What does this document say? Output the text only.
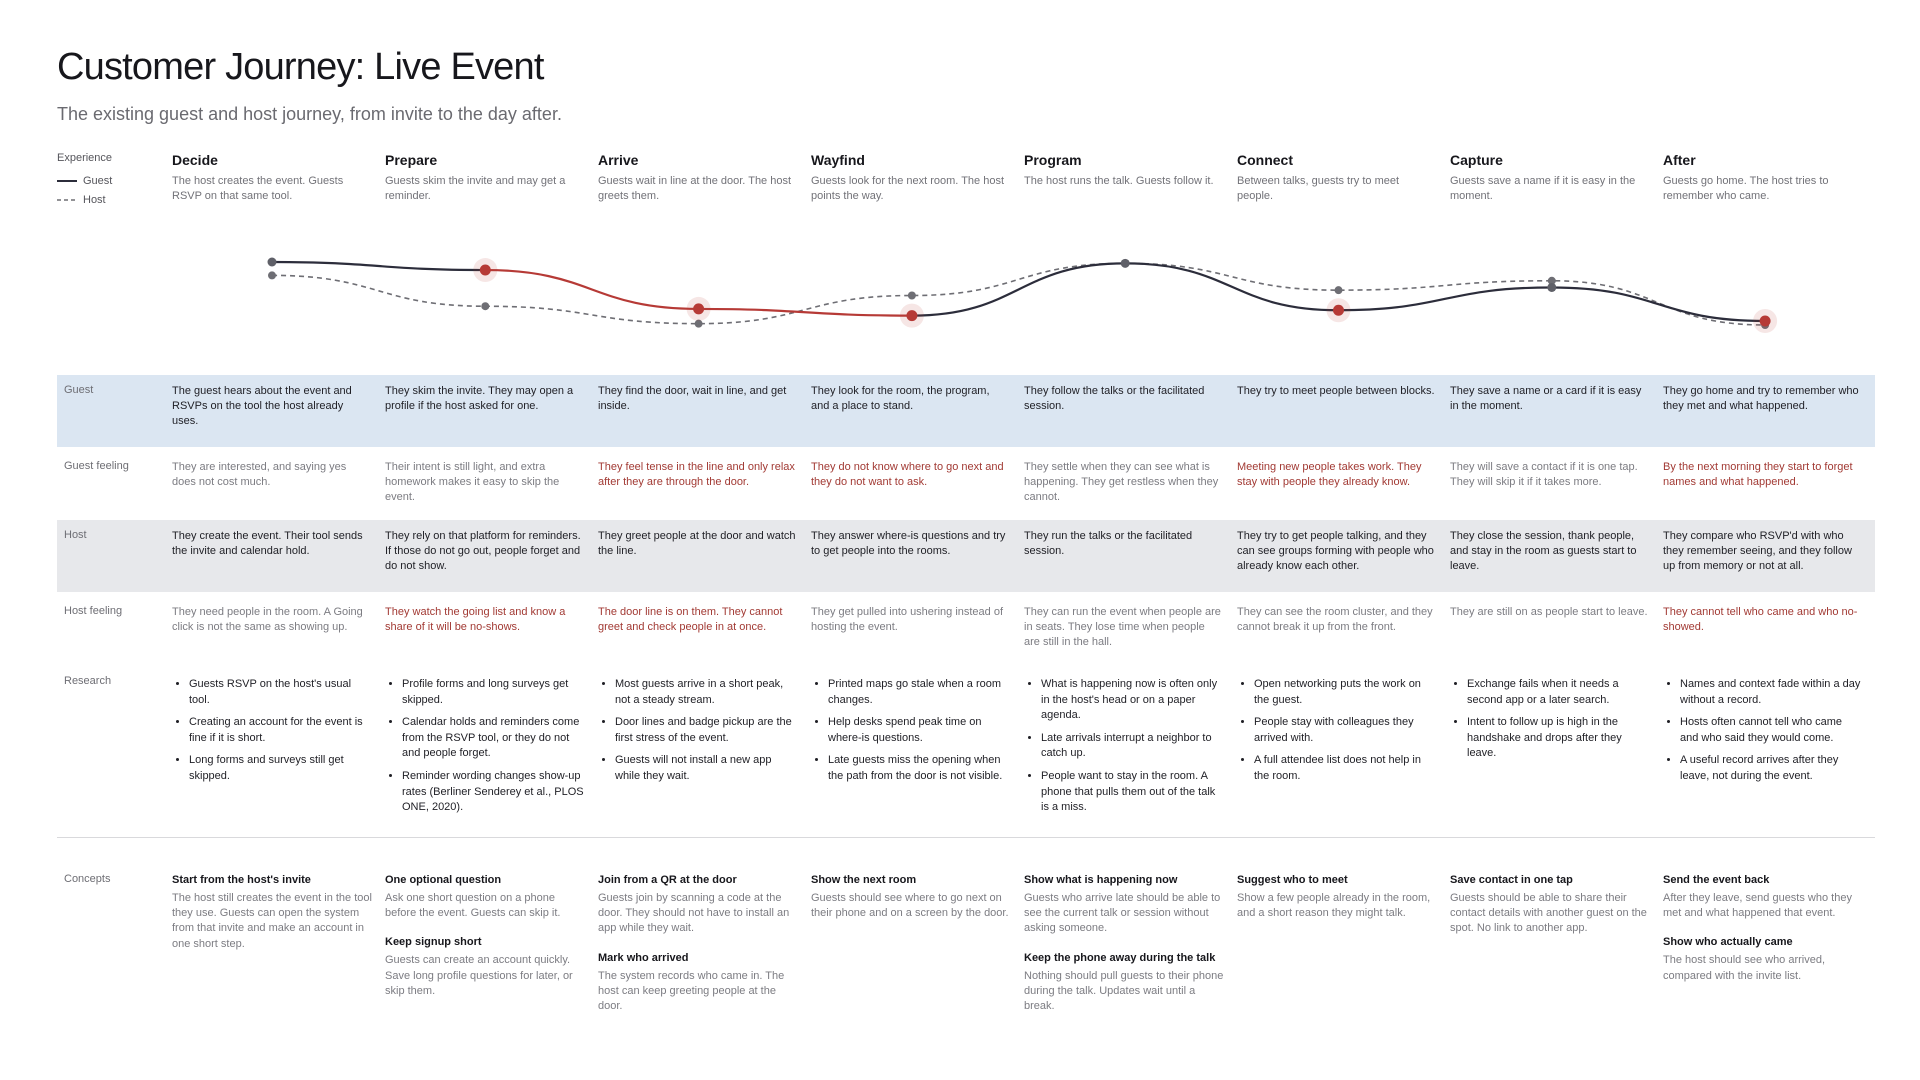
Customer Journey: Live Event

The existing guest and host journey, from invite to the day after.

Experience
Guest
Host
Decide
The host creates the event. Guests RSVP on that same tool.
Prepare
Guests skim the invite and may get a reminder.
Arrive
Guests wait in line at the door. The host greets them.
Wayfind
Guests look for the next room. The host points the way.
Program
The host runs the talk. Guests follow it.
Connect
Between talks, guests try to meet people.
Capture
Guests save a name if it is easy in the moment.
After
Guests go home. The host tries to remember who came.
Guest
Guest feeling
Host
Host feeling
Research
Concepts
The guest hears about the event and RSVPs on the tool the host already uses.
They skim the invite. They may open a profile if the host asked for one.
They find the door, wait in line, and get inside.
They look for the room, the program, and a place to stand.
They follow the talks or the facilitated session.
They try to meet people between blocks. They save a name or a card if it is easy in the moment.
They go home and try to remember who they met and what happened.
They are interested, and saying yes does not cost much.
Their intent is still light, and extra homework makes it easy to skip the event.
They feel tense in the line and only relax after they are through the door.
They do not know where to go next and they do not want to ask.
They settle when they can see what is happening. They get restless when they cannot.
Meeting new people takes work. They stay with people they already know.
They will save a contact if it is one tap. They will skip it if it takes more.
By the next morning they start to forget names and what happened.
They create the event. Their tool sends the invite and calendar hold.
They rely on that platform for reminders. If those do not go out, people forget and do not show.
They greet people at the door and watch the line.
They answer where-is questions and try to get people into the rooms.
They run the talks or the facilitated session.
They try to get people talking, and they can see groups forming with people who already know each other.
They close the session, thank people, and stay in the room as guests start to leave.
They compare who RSVP'd with who they remember seeing, and they follow up from memory or not at all.
They need people in the room. A Going click is not the same as showing up.
They watch the going list and know a share of it will be no-shows.
The door line is on them. They cannot greet and check people in at once.
They get pulled into ushering instead of hosting the event.
They can run the event when people are in seats. They lose time when people are still in the hall.
They can see the room cluster, and they cannot break it up from the front.
They are still on as people start to leave. They cannot tell who came and who no-showed.
• Guests RSVP on the host's usual tool.
• Creating an account for the event is fine if it is short.
• Long forms and surveys still get skipped.
• Profile forms and long surveys get skipped.
• Calendar holds and reminders come from the RSVP tool, or they do not and people forget.
• Reminder wording changes show-up rates (Berliner Senderey et al., PLOS ONE, 2020).
• Most guests arrive in a short peak, not a steady stream.
• Door lines and badge pickup are the first stress of the event.
• Guests will not install a new app while they wait.
• Printed maps go stale when a room changes.
• Help desks spend peak time on where-is questions.
• Late guests miss the opening when the path from the door is not visible.
• What is happening now is often only in the host's head or on a paper agenda.
• Late arrivals interrupt a neighbor to catch up.
• People want to stay in the room. A phone that pulls them out of the talk is a miss.
• Open networking puts the work on the guest.
• People stay with colleagues they arrived with.
• A full attendee list does not help in the room.
• Exchange fails when it needs a second app or a later search.
• Intent to follow up is high in the handshake and drops after they leave.
• Names and context fade within a day without a record.
• Hosts often cannot tell who came and who said they would come.
• A useful record arrives after they leave, not during the event.
Start from the host's invite
The host still creates the event in the tool they use. Guests can open the system from that invite and make an account in one short step.
One optional question
Ask one short question on a phone before the event. Guests can skip it.
Keep signup short
Guests can create an account quickly. Save long profile questions for later, or skip them.
Join from a QR at the door
Guests join by scanning a code at the door. They should not have to install an app while they wait.
Mark who arrived
The system records who came in. The host can keep greeting people at the door.
Show the next room
Guests should see where to go next on their phone and on a screen by the door.
Show what is happening now
Guests who arrive late should be able to see the current talk or session without asking someone.
Keep the phone away during the talk
Nothing should pull guests to their phone during the talk. Updates wait until a break.
Suggest who to meet
Show a few people already in the room, and a short reason they might talk.
Save contact in one tap
Guests should be able to share their contact details with another guest on the spot. No link to another app.
Send the event back
After they leave, send guests who they met and what happened that event.
Show who actually came
The host should see who arrived, compared with the invite list.
